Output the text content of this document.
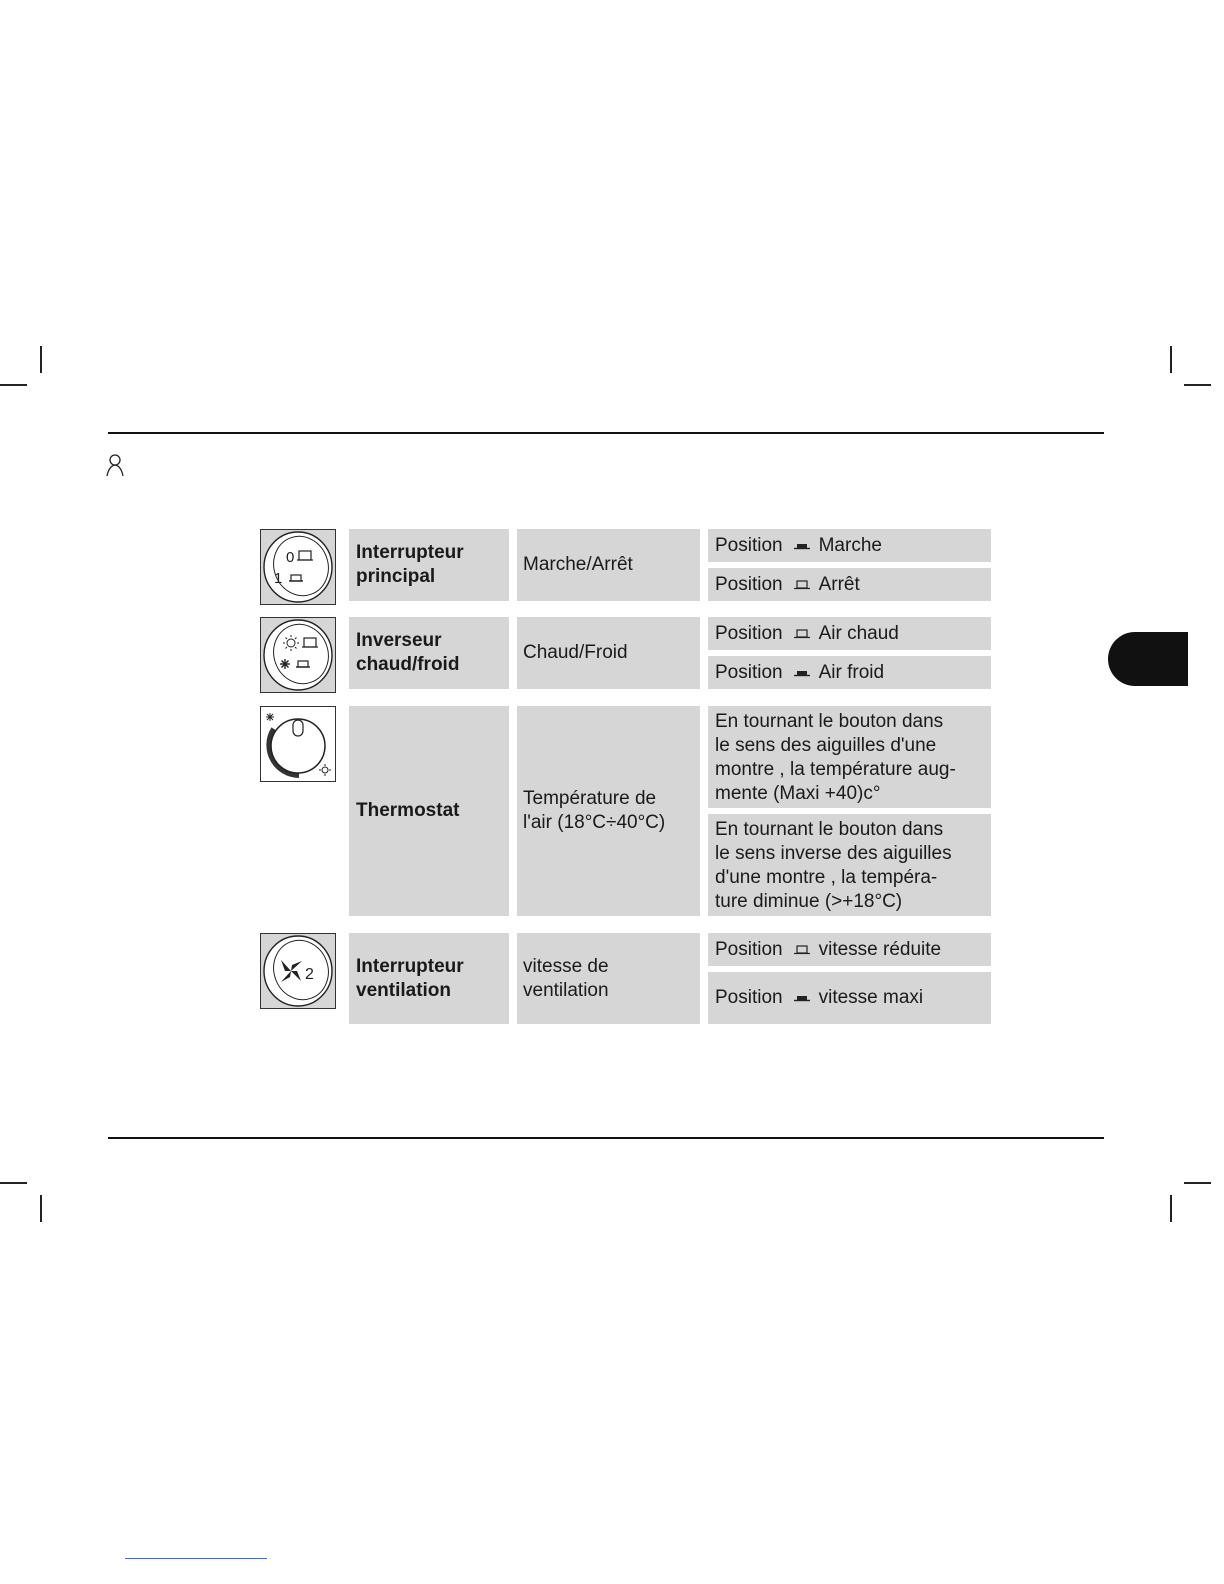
0
1
Interrupteur
principal
Marche/Arrêt
Position Marche
Position Arrêt
Inverseur
chaud/froid
Chaud/Froid
Position Air chaud
Position Air froid
Thermostat
Température de
l'air (18°C÷40°C)
En tournant le bouton dans
le sens des aiguilles d'une
montre , la température aug-
mente (Maxi +40)c°
En tournant le bouton dans
le sens inverse des aiguilles
d'une montre , la tempéra-
ture diminue (>+18°C)
2	Interrupteur
ventilation
vitesse de
ventilation
Position vitesse réduite
Position vitesse maxi
